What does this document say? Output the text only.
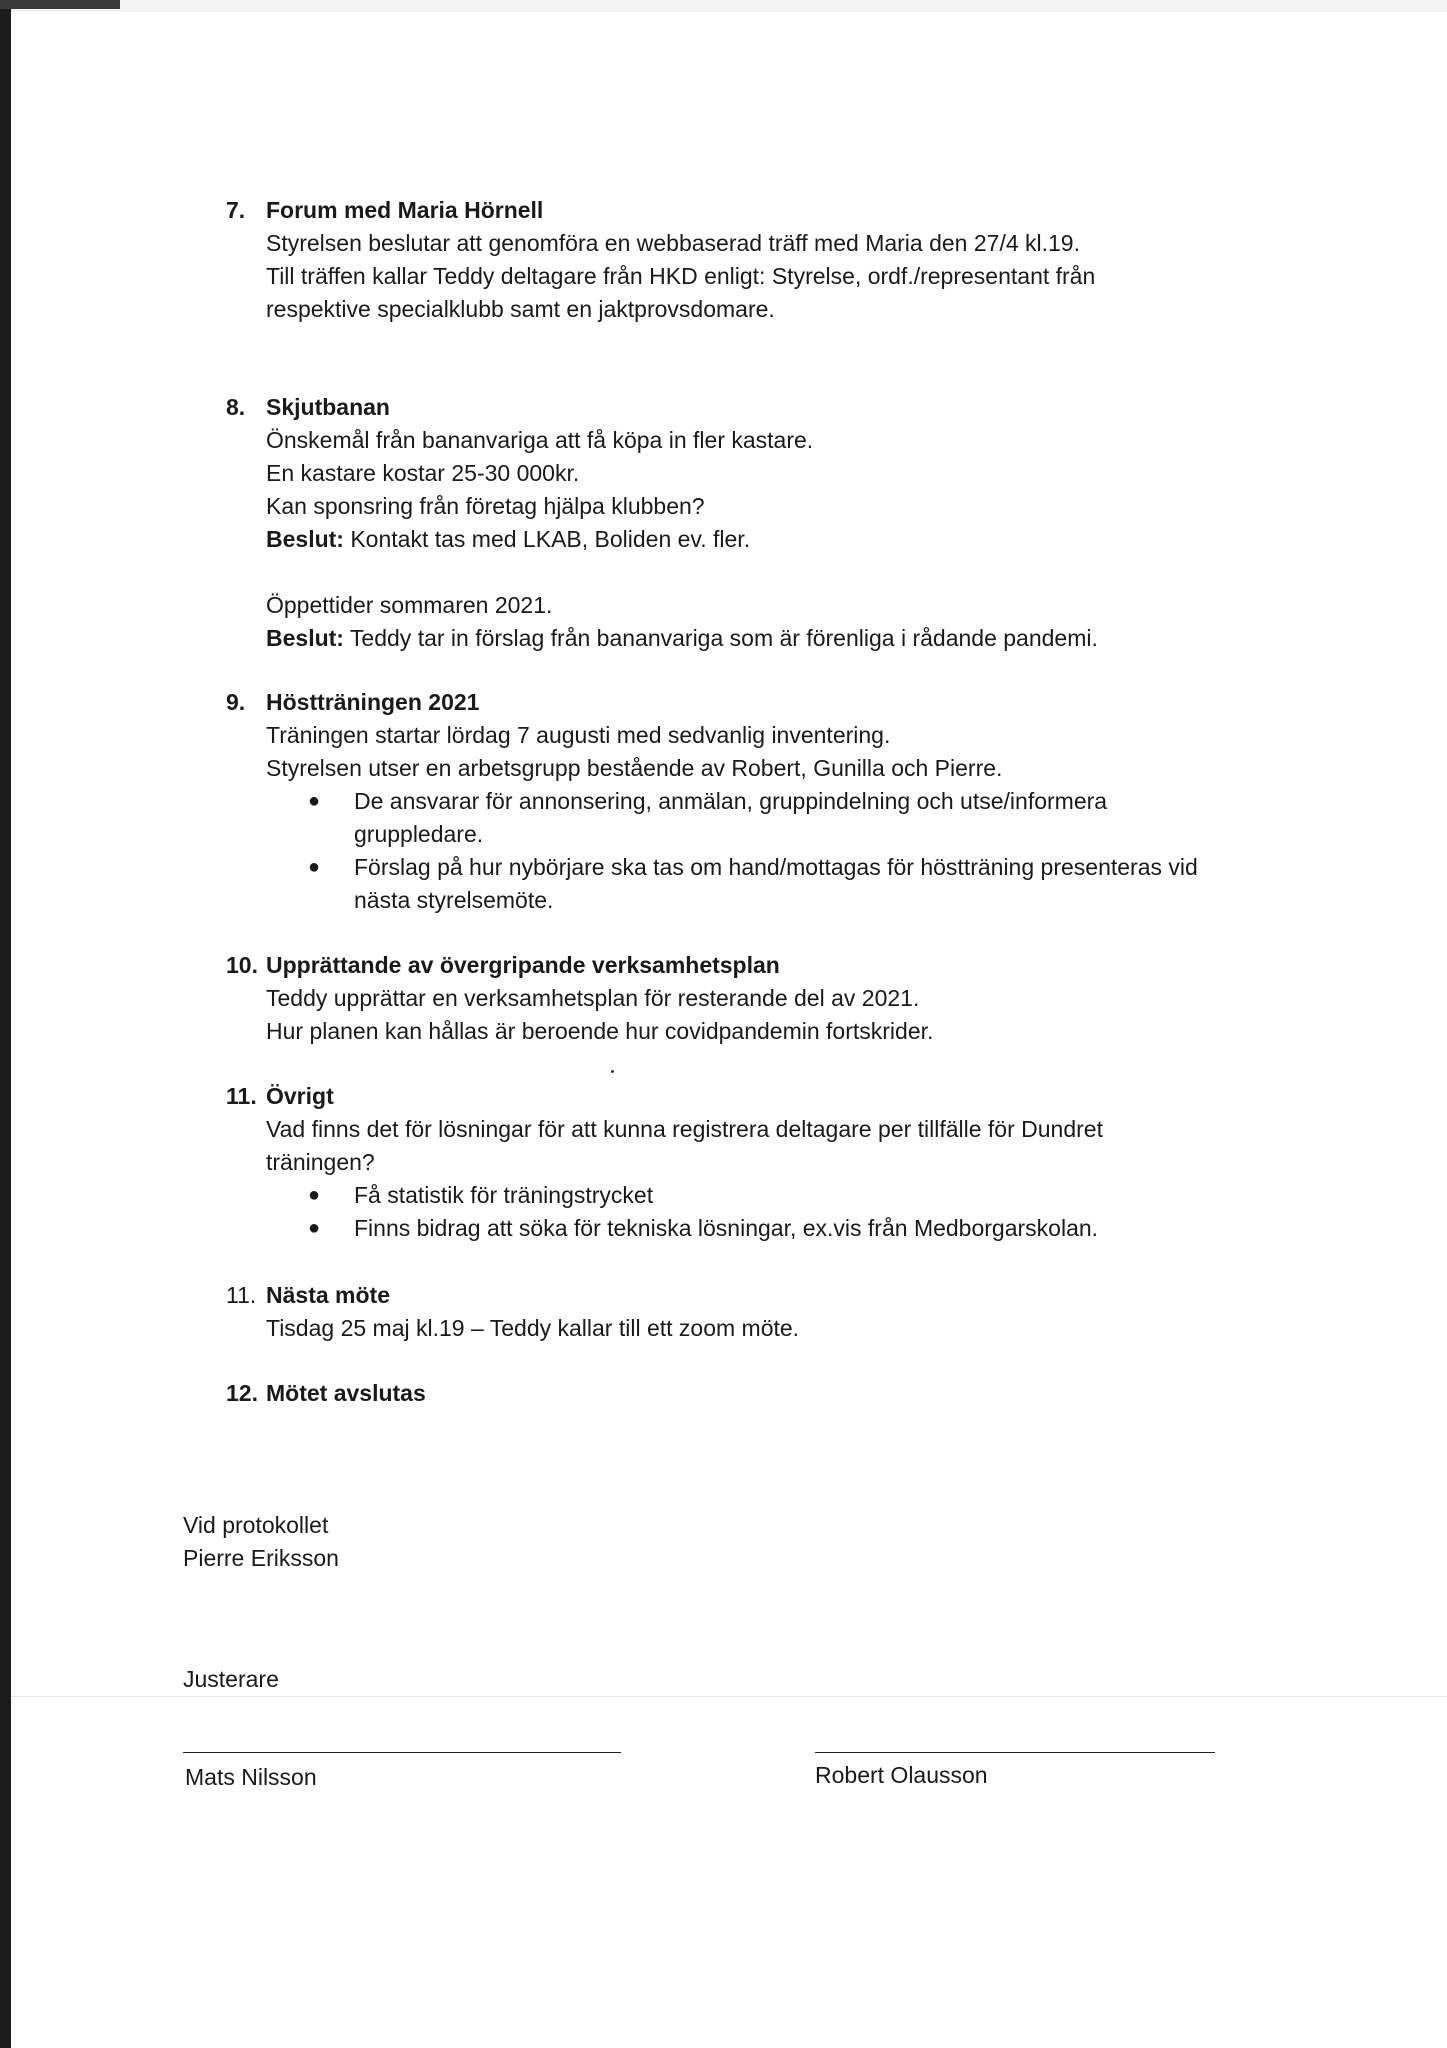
7. Forum med Maria Hörnell
Styrelsen beslutar att genomföra en webbaserad träff med Maria den 27/4 kl.19.
Till träffen kallar Teddy deltagare från HKD enligt: Styrelse, ordf./representant från
respektive specialklubb samt en jaktprovsdomare.
8. Skjutbanan
Önskemål från bananvariga att få köpa in fler kastare.
En kastare kostar 25-30 000kr.
Kan sponsring från företag hjälpa klubben?
Beslut: Kontakt tas med LKAB, Boliden ev. fler.
Öppettider sommaren 2021.
Beslut: Teddy tar in förslag från bananvariga som är förenliga i rådande pandemi.
9. Höstträningen 2021
Träningen startar lördag 7 augusti med sedvanlig inventering.
Styrelsen utser en arbetsgrupp bestående av Robert, Gunilla och Pierre.
●	De ansvarar för annonsering, anmälan, gruppindelning och utse/informera
gruppledare.
●	Förslag på hur nybörjare ska tas om hand/mottagas för höstträning presenteras vid
nästa styrelsemöte.
10. Upprättande av övergripande verksamhetsplan
Teddy upprättar en verksamhetsplan för resterande del av 2021.
Hur planen kan hållas är beroende hur covidpandemin fortskrider.
11. Övrigt
Vad finns det för lösningar för att kunna registrera deltagare per tillfälle för Dundret
träningen?
●	Få statistik för träningstrycket
●	Finns bidrag att söka för tekniska lösningar, ex.vis från Medborgarskolan.
11. Nästa möte
Tisdag 25 maj kl.19 – Teddy kallar till ett zoom möte.
12. Mötet avslutas
Vid protokollet
Pierre Eriksson
Justerare
Mats Nilsson	Robert Olausson
